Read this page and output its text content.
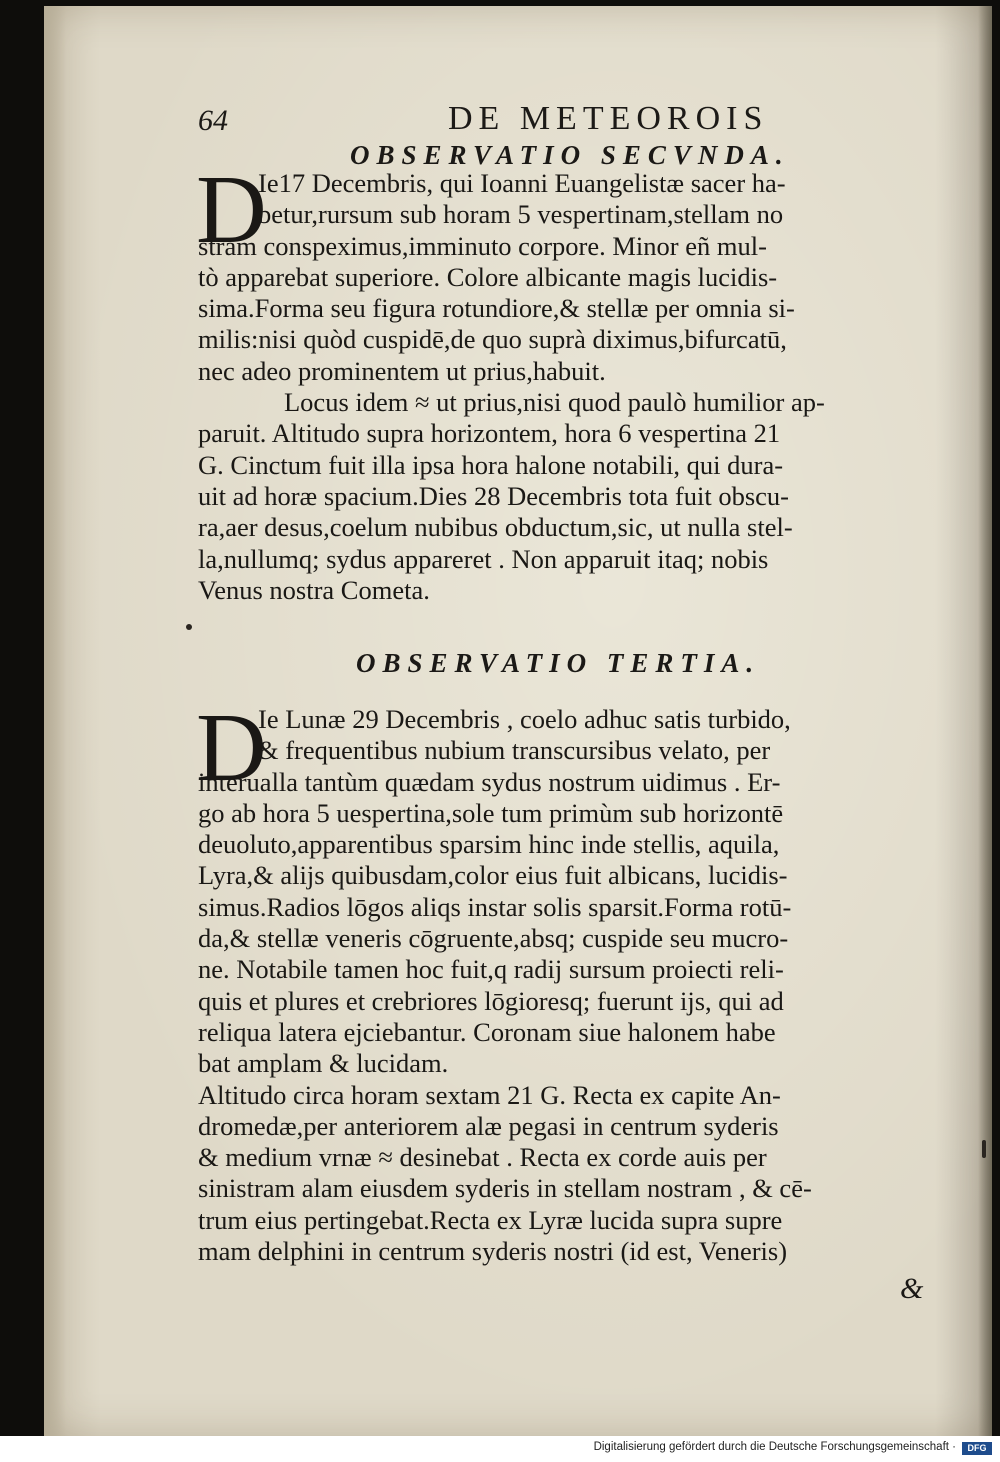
64	DE METEOROIS
OBSERVATIO SECVNDA.
D
Ie17 Decembris, qui Ioanni Euangelistæ sacer ha-
betur,rursum sub horam 5 vespertinam,stellam no
stram conspeximus,imminuto corpore. Minor eñ mul-
tò apparebat superiore. Colore albicante magis lucidis-
sima.Forma seu figura rotundiore,& stellæ per omnia si-
milis:nisi quòd cuspidē,de quo suprà diximus,bifurcatū,
nec adeo prominentem ut prius,habuit.
Locus idem ≈ ut prius,nisi quod paulò humilior ap-
paruit. Altitudo supra horizontem, hora 6 vespertina 21
G. Cinctum fuit illa ipsa hora halone notabili, qui dura-
uit ad horæ spacium.Dies 28 Decembris tota fuit obscu-
ra,aer desus,coelum nubibus obductum,sic, ut nulla stel-
la,nullumq; sydus appareret . Non apparuit itaq; nobis
Venus nostra Cometa.
OBSERVATIO TERTIA.
D
Ie Lunæ 29 Decembris , coelo adhuc satis turbido,
& frequentibus nubium transcursibus velato, per
interualla tantùm quædam sydus nostrum uidimus . Er-
go ab hora 5 uespertina,sole tum primùm sub horizontē
deuoluto,apparentibus sparsim hinc inde stellis, aquila,
Lyra,& alijs quibusdam,color eius fuit albicans, lucidis-
simus.Radios lōgos aliqs instar solis sparsit.Forma rotū-
da,& stellæ veneris cōgruente,absq; cuspide seu mucro-
ne. Notabile tamen hoc fuit,q radij sursum proiecti reli-
quis et plures et crebriores lōgioresq; fuerunt ijs, qui ad
reliqua latera ejciebantur. Coronam siue halonem habe
bat amplam & lucidam.
Altitudo circa horam sextam 21 G. Recta ex capite An-
dromedæ,per anteriorem alæ pegasi in centrum syderis
& medium vrnæ ≈ desinebat . Recta ex corde auis per
sinistram alam eiusdem syderis in stellam nostram , & cē-
trum eius pertingebat.Recta ex Lyræ lucida supra supre
mam delphini in centrum syderis nostri (id est, Veneris)
&
Digitalisierung gefördert durch die Deutsche Forschungsgemeinschaft ·	DFG
